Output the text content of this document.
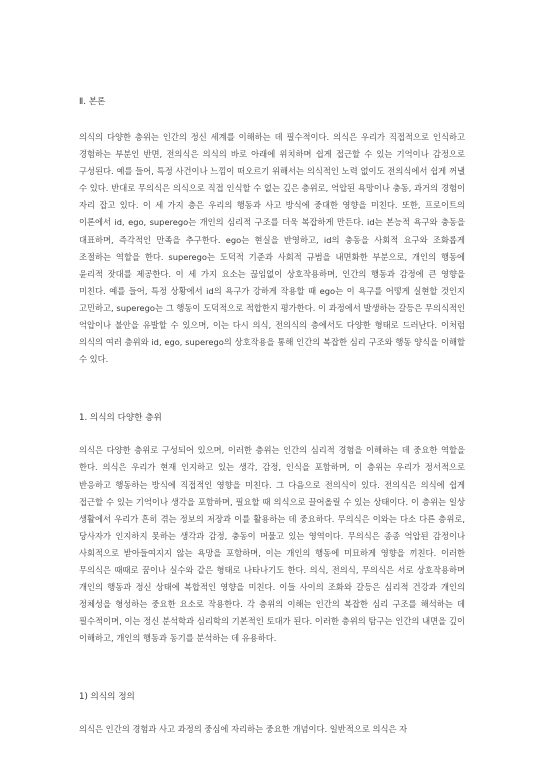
Ⅱ. 본론

의식의 다양한 층위는 인간의 정신 세계를 이해하는 데 필수적이다. 의식은 우리가 직접적으로 인식하고 경험하는 부분인 반면, 전의식은 의식의 바로 아래에 위치하며 쉽게 접근할 수 있는 기억이나 감정으로 구성된다. 예를 들어, 특정 사건이나 느낌이 떠오르기 위해서는 의식적인 노력 없이도 전의식에서 쉽게 꺼낼 수 있다. 반대로 무의식은 의식으로 직접 인식할 수 없는 깊은 층위로, 억압된 욕망이나 충동, 과거의 경험이 자리 잡고 있다. 이 세 가지 층은 우리의 행동과 사고 방식에 중대한 영향을 미친다. 또한, 프로이트의 이론에서 id, ego, superego는 개인의 심리적 구조를 더욱 복잡하게 만든다. id는 본능적 욕구와 충동을 대표하며, 즉각적인 만족을 추구한다. ego는 현실을 반영하고, id의 충동을 사회적 요구와 조화롭게 조절하는 역할을 한다. superego는 도덕적 기준과 사회적 규범을 내면화한 부분으로, 개인의 행동에 윤리적 잣대를 제공한다. 이 세 가지 요소는 끊임없이 상호작용하며, 인간의 행동과 감정에 큰 영향을 미친다. 예를 들어, 특정 상황에서 id의 욕구가 강하게 작용할 때 ego는 이 욕구를 어떻게 실현할 것인지 고민하고, superego는 그 행동이 도덕적으로 적합한지 평가한다. 이 과정에서 발생하는 갈등은 무의식적인 억압이나 불안을 유발할 수 있으며, 이는 다시 의식, 전의식의 층에서도 다양한 형태로 드러난다. 이처럼 의식의 여러 층위와 id, ego, superego의 상호작용을 통해 인간의 복잡한 심리 구조와 행동 양식을 이해할 수 있다.

1. 의식의 다양한 층위

의식은 다양한 층위로 구성되어 있으며, 이러한 층위는 인간의 심리적 경험을 이해하는 데 중요한 역할을 한다. 의식은 우리가 현재 인지하고 있는 생각, 감정, 인식을 포함하며, 이 층위는 우리가 정서적으로 반응하고 행동하는 방식에 직접적인 영향을 미친다. 그 다음으로 전의식이 있다. 전의식은 의식에 쉽게 접근할 수 있는 기억이나 생각을 포함하며, 필요할 때 의식으로 끌어올릴 수 있는 상태이다. 이 층위는 일상 생활에서 우리가 흔히 겪는 정보의 저장과 이를 활용하는 데 중요하다. 무의식은 이와는 다소 다른 층위로, 당사자가 인지하지 못하는 생각과 감정, 충동이 머물고 있는 영역이다. 무의식은 종종 억압된 감정이나 사회적으로 받아들여지지 않는 욕망을 포함하며, 이는 개인의 행동에 미묘하게 영향을 끼친다. 이러한 무의식은 때때로 꿈이나 실수와 같은 형태로 나타나기도 한다. 의식, 전의식, 무의식은 서로 상호작용하며 개인의 행동과 정신 상태에 복합적인 영향을 미친다. 이들 사이의 조화와 갈등은 심리적 건강과 개인의 정체성을 형성하는 중요한 요소로 작용한다. 각 층위의 이해는 인간의 복잡한 심리 구조를 해석하는 데 필수적이며, 이는 정신 분석학과 심리학의 기본적인 토대가 된다. 이러한 층위의 탐구는 인간의 내면을 깊이 이해하고, 개인의 행동과 동기를 분석하는 데 유용하다.

1) 의식의 정의

의식은 인간의 경험과 사고 과정의 중심에 자리하는 중요한 개념이다. 일반적으로 의식은 자
